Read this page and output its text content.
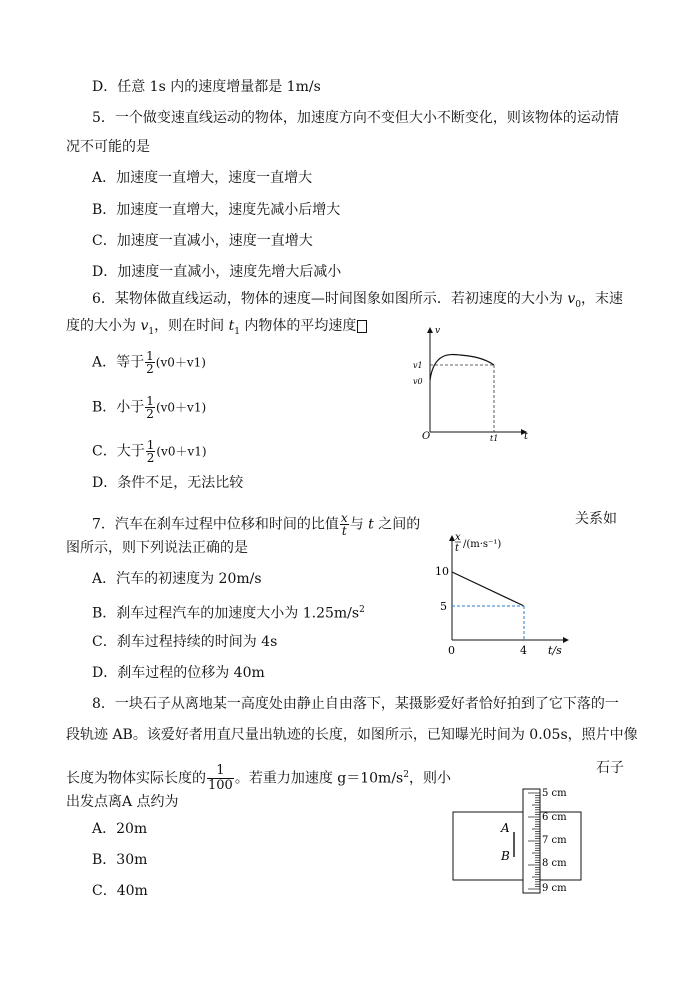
D．任意 1s 内的速度增量都是 1m/s
5．一个做变速直线运动的物体，加速度方向不变但大小不断变化，则该物体的运动情
况不可能的是
A．加速度一直增大，速度一直增大
B．加速度一直增大，速度先减小后增大
C．加速度一直减小，速度一直增大
D．加速度一直减小，速度先增大后减小
6．某物体做直线运动，物体的速度—时间图象如图所示．若初速度的大小为 $v_0$，末速
度的大小为 $v_1$，则在时间 $t_1$ 内物体的平均速度
A．等于 $\frac{1}{2} (v0+v1)$
B．小于 $\frac{1}{2} (v0+v1)$
C．大于 $\frac{1}{2} (v0+v1)$
D．条件不足，无法比较
v
v1
v0
O	t1	t
7．汽车在刹车过程中位移和时间的比值 $\frac{x}{t}$ 与 t 之间的	关系如
图所示，则下列说法正确的是
A．汽车的初速度为 20m/s
B．刹车过程汽车的加速度大小为 $1.25m/s^2$
C．刹车过程持续的时间为 4s
D．刹车过程的位移为 40m
x
t /(m·s⁻¹)
10
5
0	4 t/s
8．一块石子从离地某一高度处由静止自由落下，某摄影爱好者恰好拍到了它下落的一
段轨迹 AB。该爱好者用直尺量出轨迹的长度，如图所示，已知曝光时间为 0.05s，照片中像
长度为物体实际长度的 $\frac{1}{100}$ 。若重力加速度 $g=10m/s^2$，则小
石子
出发点离A 点约为
A．20m
B．30m
C．40m
A
B
5 cm
6 cm
7 cm
8 cm
9 cm
